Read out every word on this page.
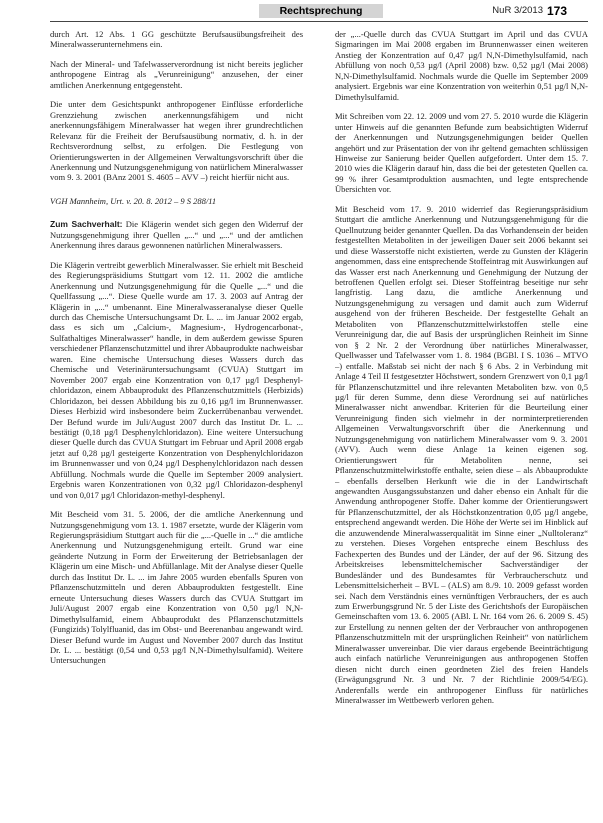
Rechtsprechung	NuR 3/2013 173

durch Art. 12 Abs. 1 GG geschützte Berufsausübungsfreiheit des Mineralwasserunternehmens ein.

Nach der Mineral- und Tafelwasserverordnung ist nicht bereits jeglicher anthropogene Eintrag als „Verunreinigung“ anzusehen, der einer amtlichen Anerkennung entgegensteht.

Die unter dem Gesichtspunkt anthropogener Einflüsse erforderliche Grenzziehung zwischen anerkennungsfähigem und nicht anerkennungsfähigem Mineralwasser hat wegen ihrer grundrechtlichen Relevanz für die Freiheit der Berufsausübung normativ, d. h. in der Rechtsverordnung selbst, zu erfolgen. Die Festlegung von Orientierungswerten in der Allgemeinen Verwaltungsvorschrift über die Anerkennung und Nutzungsgenehmigung von natürlichem Mineralwasser vom 9. 3. 2001 (BAnz 2001 S. 4605 – AVV –) reicht hierfür nicht aus.

VGH Mannheim, Urt. v. 20. 8. 2012 – 9 S 288/11

Zum Sachverhalt: Die Klägerin wendet sich gegen den Widerruf der Nutzungsgenehmigung ihrer Quellen „...“ und „...“ und der amtlichen Anerkennung ihres daraus gewonnenen natürlichen Mineralwassers.

Die Klägerin vertreibt gewerblich Mineralwasser. Sie erhielt mit Bescheid des Regierungspräsidiums Stuttgart vom 12. 11. 2002 die amtliche Anerkennung und Nutzungsgenehmigung für die Quelle „...“ und die Quellfassung „...“. Diese Quelle wurde am 17. 3. 2003 auf Antrag der Klägerin in „...“ umbenannt. Eine Mineralwasseranalyse dieser Quelle durch das Chemische Untersuchungsamt Dr. L. ... im Januar 2002 ergab, dass es sich um „Calcium-, Magnesium-, Hydrogencarbonat-, Sulfathaltiges Mineralwasser“ handle, in dem außerdem gewisse Spuren verschiedener Pflanzenschutzmittel und ihrer Abbauprodukte nachweisbar waren. Eine chemische Untersuchung dieses Wassers durch das Chemische und Veterinäruntersuchungsamt (CVUA) Stuttgart im November 2007 ergab eine Konzentration von 0,17 µg/l Desphenyl-chloridazon, einem Abbauprodukt des Pflanzenschutzmittels (Herbizids) Chloridazon, bei dessen Abbildung bis zu 0,16 µg/l im Brunnenwasser. Dieses Herbizid wird insbesondere beim Zuckerrübenanbau verwendet. Der Befund wurde im Juli/August 2007 durch das Institut Dr. L. ... bestätigt (0,18 µg/l Desphenylchloridazon). Eine weitere Untersuchung dieser Quelle durch das CVUA Stuttgart im Februar und April 2008 ergab jetzt auf 0,28 µg/l gesteigerte Konzentration von Desphenylchloridazon im Brunnenwasser und von 0,24 µg/l Desphenylchloridazon nach dessen Abfüllung. Nochmals wurde die Quelle im September 2009 analysiert. Ergebnis waren Konzentrationen von 0,32 µg/l Chloridazon-desphenyl und von 0,017 µg/l Chloridazon-methyl-desphenyl.

Mit Bescheid vom 31. 5. 2006, der die amtliche Anerkennung und Nutzungsgenehmigung vom 13. 1. 1987 ersetzte, wurde der Klägerin vom Regierungspräsidium Stuttgart auch für die „...-Quelle in ...“ die amtliche Anerkennung und Nutzungsgenehmigung erteilt. Grund war eine geänderte Nutzung in Form der Erweiterung der Betriebsanlagen der Klägerin um eine Misch- und Abfüllanlage. Mit der Analyse dieser Quelle durch das Institut Dr. L. ... im Jahre 2005 wurden ebenfalls Spuren von Pflanzenschutzmitteln und deren Abbauprodukten festgestellt. Eine erneute Untersuchung dieses Wassers durch das CVUA Stuttgart im Juli/August 2007 ergab eine Konzentration von 0,50 µg/l N,N-Dimethylsulfamid, einem Abbauprodukt des Pflanzenschutzmittels (Fungizids) Tolylfluanid, das im Obst- und Beerenanbau angewandt wird. Dieser Befund wurde im August und November 2007 durch das Institut Dr. L. ... bestätigt (0,54 und 0,53 µg/l N,N-Dimethylsulfamid). Weitere Untersuchungen

der „...-Quelle durch das CVUA Stuttgart im April und das CVUA Sigmaringen im Mai 2008 ergaben im Brunnenwasser einen weiteren Anstieg der Konzentration auf 0,47 µg/l N,N-Dimethylsulfamid, nach Abfüllung von noch 0,53 µg/l (April 2008) bzw. 0,52 µg/l (Mai 2008) N,N-Dimethylsulfamid. Nochmals wurde die Quelle im September 2009 analysiert. Ergebnis war eine Konzentration von weiterhin 0,51 µg/l N,N-Dimethylsulfamid.

Mit Schreiben vom 22. 12. 2009 und vom 27. 5. 2010 wurde die Klägerin unter Hinweis auf die genannten Befunde zum beabsichtigten Widerruf der Anerkennungen und Nutzungsgenehmigungen beider Quellen angehört und zur Präsentation der von ihr geltend gemachten schlüssigen Hinweise zur Sanierung beider Quellen aufgefordert. Unter dem 15. 7. 2010 wies die Klägerin darauf hin, dass die bei der getesteten Quellen ca. 99 % ihrer Gesamtproduktion ausmachten, und legte entsprechende Übersichten vor.

Mit Bescheid vom 17. 9. 2010 widerrief das Regierungspräsidium Stuttgart die amtliche Anerkennung und Nutzungsgenehmigung für die Quellnutzung beider genannter Quellen. Da das Vorhandensein der beiden festgestellten Metaboliten in der jeweiligen Dauer seit 2006 bekannt sei und diese Wasserstoffe nicht existierten, werde zu Gunsten der Klägerin angenommen, dass eine entsprechende Stoffeintrag mit Auswirkungen auf das Wasser erst nach Anerkennung und Genehmigung der Nutzung der betroffenen Quellen erfolgt sei. Dieser Stoffeintrag beseitige nur sehr langfristig. Lang dazu, die amtliche Anerkennung und Nutzungsgenehmigung zu versagen und damit auch zum Widerruf ausgehend von der früheren Bescheide. Der festgestellte Gehalt an Metaboliten von Pflanzenschutzmittelwirkstoffen stelle eine Verunreinigung dar, die auf Basis der ursprünglichen Reinheit im Sinne von § 2 Nr. 2 der Verordnung über natürliches Mineralwasser, Quellwasser und Tafelwasser vom 1. 8. 1984 (BGBl. I S. 1036 – MTVO –) entfalle. Maßstab sei nicht der nach § 6 Abs. 2 in Verbindung mit Anlage 4 Teil II festgesetzter Höchstwert, sondern Grenzwert von 0,1 µg/l für Pflanzenschutzmittel und ihre relevanten Metaboliten bzw. von 0,5 µg/l für deren Summe, denn diese Verordnung sei auf natürliches Mineralwasser nicht anwendbar. Kriterien für die Beurteilung einer Verunreinigung finden sich vielmehr in der norminterpretierenden Allgemeinen Verwaltungsvorschrift über die Anerkennung und Nutzungsgenehmigung von natürlichem Mineralwasser vom 9. 3. 2001 (AVV). Auch wenn diese Anlage 1a keinen eigenen sog. Orientierungswert für Metaboliten nenne, sei Pflanzenschutzmittelwirkstoffe enthalte, seien diese – als Abbauprodukte – ebenfalls derselben Herkunft wie die in der Landwirtschaft angewandten Ausgangssubstanzen und daher ebenso ein Anhalt für die Anwendung anthropogener Stoffe. Daher komme der Orientierungswert für Pflanzenschutzmittel, der als Höchstkonzentration 0,05 µg/l angebe, entsprechend angewandt werden. Die Höhe der Werte sei im Hinblick auf die anzuwendende Mineralwasserqualität im Sinne einer „Nulltoleranz“ zu verstehen. Dieses Vorgehen entspreche einem Beschluss des Fachexperten des Bundes und der Länder, der auf der 96. Sitzung des Arbeitskreises lebensmittelchemischer Sachverständiger der Bundesländer und des Bundesamtes für Verbraucherschutz und Lebensmittelsicherheit – BVL – (ALS) am 8./9. 10. 2009 gefasst worden sei. Nach dem Verständnis eines vernünftigen Verbrauchers, der es auch zum Erwerbungsgrund Nr. 5 der Liste des Gerichtshofs der Europäischen Gemeinschaften vom 13. 6. 2005 (ABl. L Nr. 164 vom 26. 6. 2009 S. 45) zur Erstellung zu nennen gelten der der Verbraucher von anthropogenen Pflanzenschutzmitteln mit der ursprünglichen Reinheit“ von natürlichem Mineralwasser unvereinbar. Die vier daraus ergebende Beeinträchtigung auch einfach natürliche Verunreinigungen aus anthropogenen Stoffen diesen nicht durch einen geordneten Ziel des freien Handels (Erwägungsgrund Nr. 3 und Nr. 7 der Richtlinie 2009/54/EG). Anderenfalls werde ein anthropogener Einfluss für natürliches Mineralwasser im Wettbewerb verloren gehen.
